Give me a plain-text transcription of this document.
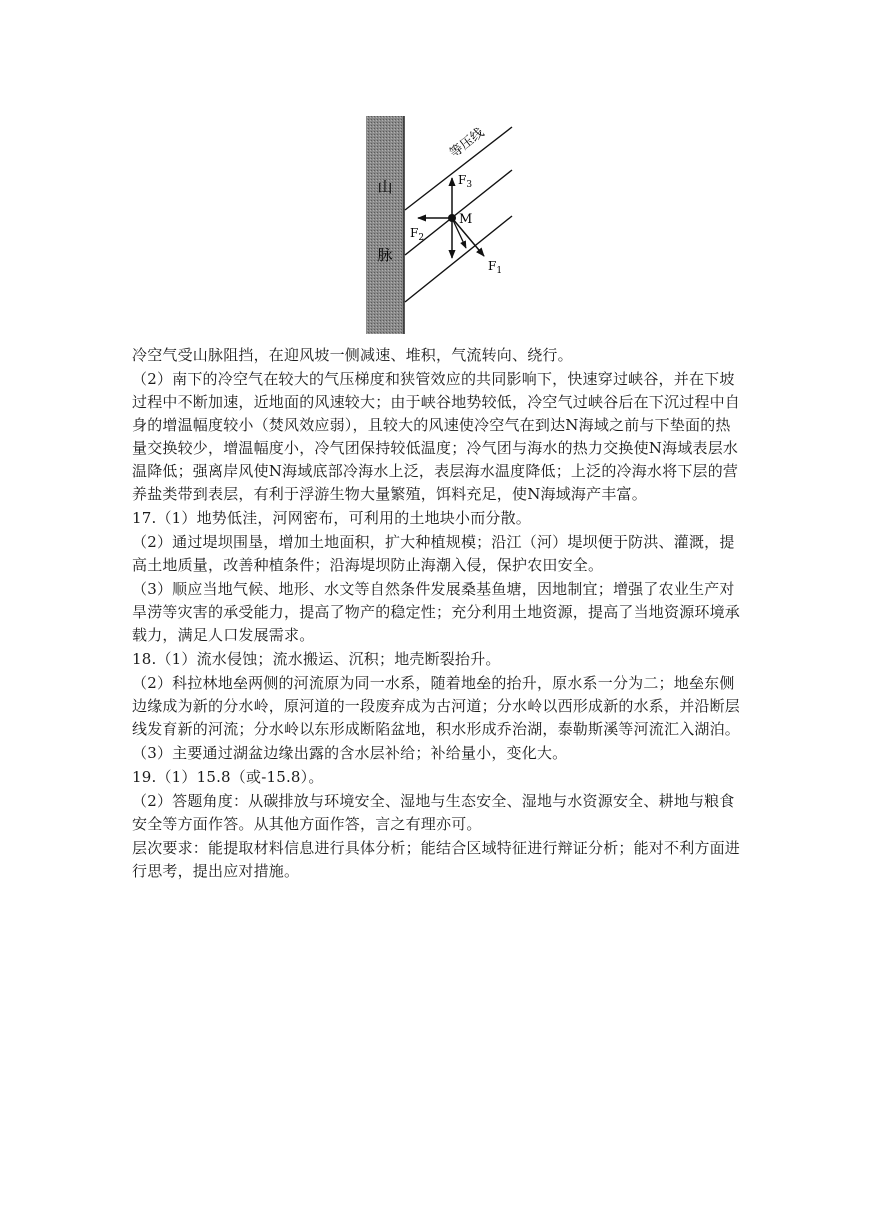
山
脉
等压线
M
$F_3$
$F_2$
$F_1$

冷空气受山脉阻挡，在迎风坡一侧减速、堆积，气流转向、绕行。

（2）南下的冷空气在较大的气压梯度和狭管效应的共同影响下，快速穿过峡谷，并在下坡过程中不断加速，近地面的风速较大；由于峡谷地势较低，冷空气过峡谷后在下沉过程中自身的增温幅度较小（焚风效应弱），且较大的风速使冷空气在到达N海域之前与下垫面的热量交换较少，增温幅度小，冷气团保持较低温度；冷气团与海水的热力交换使N海域表层水温降低；强离岸风使N海域底部冷海水上泛，表层海水温度降低；上泛的冷海水将下层的营养盐类带到表层，有利于浮游生物大量繁殖，饵料充足，使N海域海产丰富。

17.（1）地势低洼，河网密布，可利用的土地块小而分散。

（2）通过堤坝围垦，增加土地面积，扩大种植规模；沿江（河）堤坝便于防洪、灌溉，提高土地质量，改善种植条件；沿海堤坝防止海潮入侵，保护农田安全。

（3）顺应当地气候、地形、水文等自然条件发展桑基鱼塘，因地制宜；增强了农业生产对旱涝等灾害的承受能力，提高了物产的稳定性；充分利用土地资源，提高了当地资源环境承载力，满足人口发展需求。

18.（1）流水侵蚀；流水搬运、沉积；地壳断裂抬升。

（2）科拉林地垒两侧的河流原为同一水系，随着地垒的抬升，原水系一分为二；地垒东侧边缘成为新的分水岭，原河道的一段废弃成为古河道；分水岭以西形成新的水系，并沿断层线发育新的河流；分水岭以东形成断陷盆地，积水形成乔治湖，泰勒斯溪等河流汇入湖泊。

（3）主要通过湖盆边缘出露的含水层补给；补给量小，变化大。

19.（1）15.8（或-15.8）。

（2）答题角度：从碳排放与环境安全、湿地与生态安全、湿地与水资源安全、耕地与粮食安全等方面作答。从其他方面作答，言之有理亦可。

层次要求：能提取材料信息进行具体分析；能结合区域特征进行辩证分析；能对不利方面进行思考，提出应对措施。
